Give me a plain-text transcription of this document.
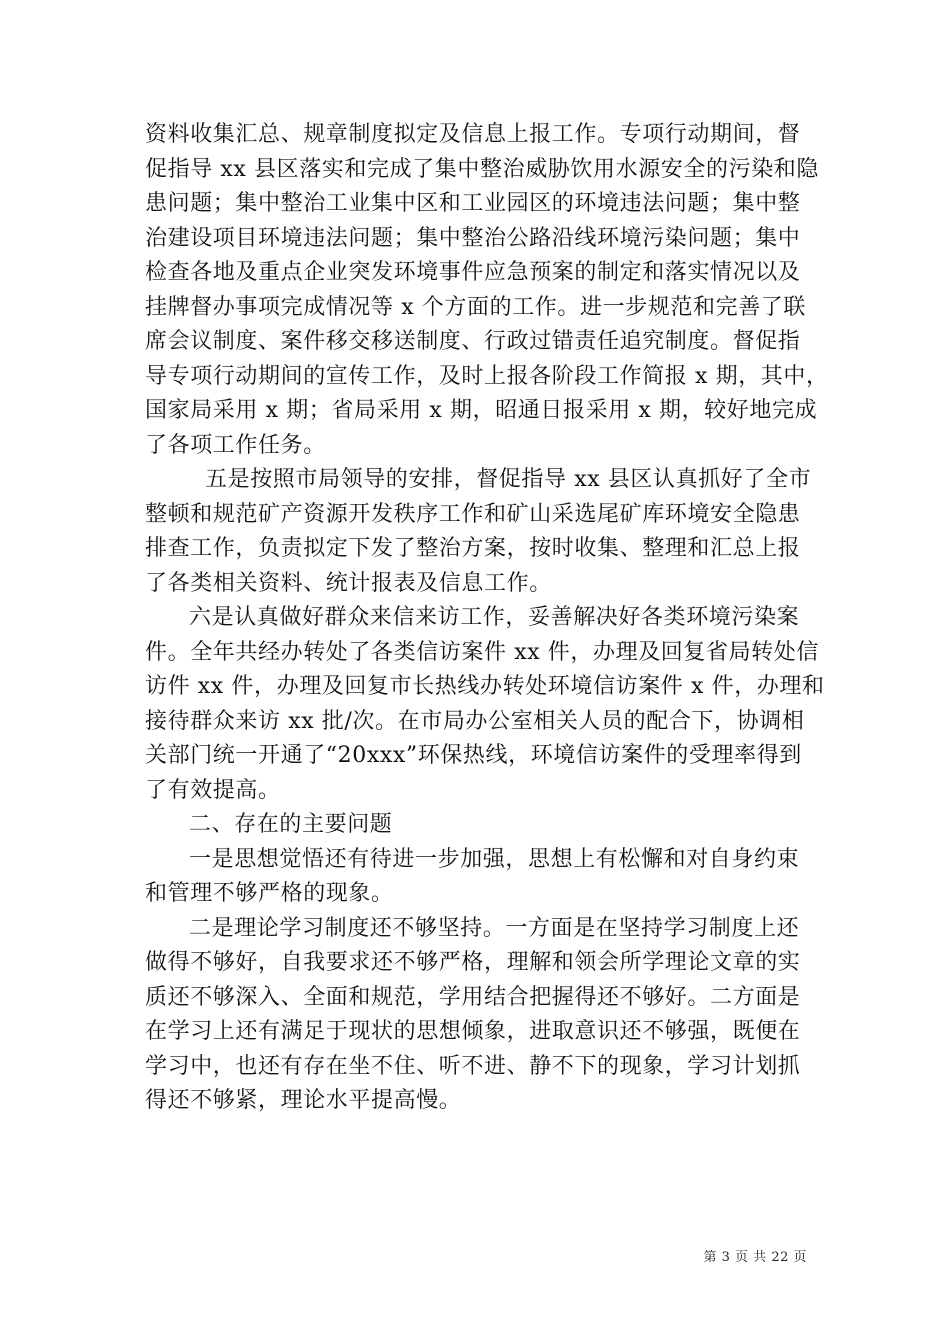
资料收集汇总、规章制度拟定及信息上报工作。专项行动期间，督
促指导 xx 县区落实和完成了集中整治威胁饮用水源安全的污染和隐
患问题；集中整治工业集中区和工业园区的环境违法问题；集中整
治建设项目环境违法问题；集中整治公路沿线环境污染问题；集中
检查各地及重点企业突发环境事件应急预案的制定和落实情况以及
挂牌督办事项完成情况等 x 个方面的工作。进一步规范和完善了联
席会议制度、案件移交移送制度、行政过错责任追究制度。督促指
导专项行动期间的宣传工作，及时上报各阶段工作简报 x 期，其中，
国家局采用 x 期；省局采用 x 期，昭通日报采用 x 期，较好地完成
了各项工作任务。
五是按照市局领导的安排，督促指导 xx 县区认真抓好了全市
整顿和规范矿产资源开发秩序工作和矿山采选尾矿库环境安全隐患
排查工作，负责拟定下发了整治方案，按时收集、整理和汇总上报
了各类相关资料、统计报表及信息工作。
六是认真做好群众来信来访工作，妥善解决好各类环境污染案
件。全年共经办转处了各类信访案件 xx 件，办理及回复省局转处信
访件 xx 件，办理及回复市长热线办转处环境信访案件 x 件，办理和
接待群众来访 xx 批/次。在市局办公室相关人员的配合下，协调相
关部门统一开通了“20xxx”环保热线，环境信访案件的受理率得到
了有效提高。
二、存在的主要问题
一是思想觉悟还有待进一步加强，思想上有松懈和对自身约束
和管理不够严格的现象。
二是理论学习制度还不够坚持。一方面是在坚持学习制度上还
做得不够好，自我要求还不够严格，理解和领会所学理论文章的实
质还不够深入、全面和规范，学用结合把握得还不够好。二方面是
在学习上还有满足于现状的思想倾象，进取意识还不够强，既便在
学习中，也还有存在坐不住、听不进、静不下的现象，学习计划抓
得还不够紧，理论水平提高慢。
第 3 页 共 22 页
